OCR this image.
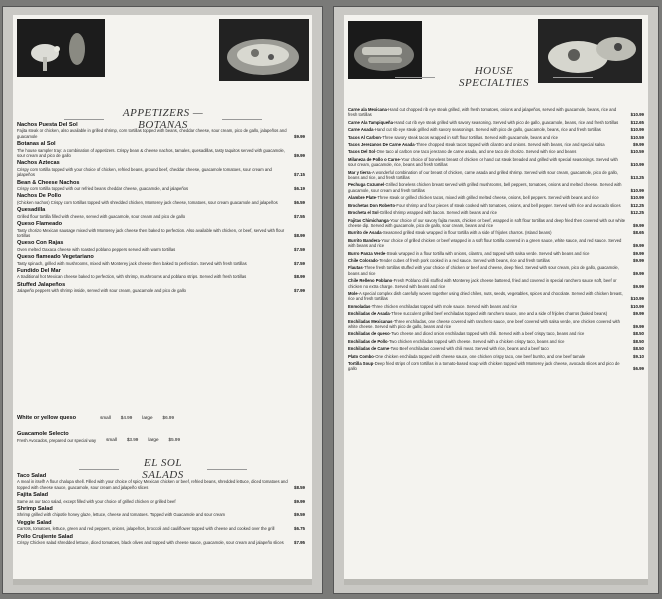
APPETIZERS — BOTANAS
Nachos Puesta Del Sol
Fajita steak or chicken, also available in grilled shrimp, corn tortillas topped with beans, cheddar cheese, sour cream, pico de gallo, jalapeños and guacamole	$9.99
Botanas al Sol
The house sampler tray: a combination of appetizers. Crispy bean & cheese nachos, tamales, quesadillas, tasty taquitos served with guacamole, sour cream and pico de gallo	$9.99
Nachos Aztecas
Crispy corn tortilla topped with your choice of chicken, refried beans, ground beef, cheddar cheese, guacamole tomatoes, sour cream and jalapeños	$7.15
Bean & Cheese Nachos
Crispy corn tortilla topped with our refried beans cheddar cheese, guacamole, and jalapeños	$6.19
Nachos De Pollo
(Chicken nachos) Crispy corn tortillas topped with shredded chicken, Monterey jack cheese, tomatoes, sour cream guacamole and jalapeños	$6.59
Quesadilla
Grilled flour tortilla filled with cheese, served with guacamole, sour cream and pico de gallo	$7.55
Queso Flameado
Tasty chorizo Mexican sausage mixed with Monterey jack cheese then baked to perfection. Also available with chicken, or beef, served with flour tortillas	$8.99
Queso Con Rajas
Oven melted Oaxaca cheese with roasted poblano peppers served with warm tortillas	$7.59
Queso flameado Vegetariano
Tasty spinach, grilled with mushrooms, mixed with Monterey jack cheese then baked to perfection. Served with fresh tortillas	$7.59
Fundido Del Mar
A traditional hot Mexican cheese baked to perfection, with shrimp, mushrooms and poblano strips. Served with fresh tortillas	$8.99
Stuffed Jalapeños
Jalapeño peppers with shrimp inside, served with sour cream, guacamole and pico de gallo	$7.99
White or yellow queso	small $4.99 large $6.99
Guacamole Selecto
Fresh Avocados, prepared our special way small $3.99 large $5.99
EL SOL SALADS
Taco Salad
A meal in itself! A flour chalupa shell. Filled with your choice of spicy Mexican chicken or beef, refried beans, shredded lettuce, diced tomatoes and topped with cheese sauce, guacamole, sour cream and jalapeño slices	$8.59
Fajita Salad
Same as our taco salad, except filled with your choice of grilled chicken or grilled beef	$9.99
Shrimp Salad
Shrimp grilled with chipotle honey glaze, lettuce, cheese and tomatoes. Topped with Guacamole and sour cream	$9.59
Veggie Salad
Carrots, tomatoes, lettuce, green and red peppers, onions, jalapeños, broccoli and cauliflower topped with cheese and cooked over the grill	$6.75
Pollo Crujiente Salad
Crispy Chicken salad shredded lettuce, diced tomatoes, black olives and topped with cheese sauce, guacamole, sour cream and jalapeño slices	$7.95
HOUSE SPECIALTIES
Carne ala Mexicana-Hand cut chopped rib eye steak grilled, with fresh tomatoes, onions and jalapeños, served with guacamole, beans, rice and fresh tortillas	$10.99
Carne Ala Tampiqueña-Hand cut rib eye steak grilled with savory seasoning. Served with pico de gallo, guacamole, beans, rice and fresh tortillas	$12.65
Carne Asada-Hand cut rib eye steak grilled with savory seasonings. Served with pico de gallo, guacamole, beans, rice and fresh tortillas	$10.99
Tacos Al Carbon-Three savory steak tacos wrapped in soft flour tortillas. Served with guacamole, beans and rice	$10.59
Tacos Jerezanos De Carne Asada-Three chopped steak tacos topped with cilantro and onions. Served with beans, rice and special salsa	$9.99
Tacos Del Sol-One taco al carbon one taco jerezano de carne asada, and one taco de chorizo. Served with rice and beans	$10.59
Milaneza de Pollo o Carne-Your choice of boneless breast of chicken or hand cut steak breaded and grilled with special seasonings. Served with sour cream, guacamole, rice, beans and fresh tortillas	$10.99
Mar y tierra-A wonderful combination of our breast of chicken, carne asada and grilled shrimp. Served with sour cream, guacamole, pico de gallo, beans and rice, and fresh tortillas	$13.25
Pechuga Cozumel-Grilled boneless chicken breast served with grilled mushrooms, bell peppers, tomatoes, onions and melted cheese. Served with guacamole, sour cream and fresh tortillas	$10.99
Alambre Plate-Three steak or grilled chicken tacos, mixed with grilled melted cheese, onions, bell peppers. Served with beans and rice	$10.99
Brochetas Don Roberto-Four shrimp and four pieces of steak cooked with tomatoes, onions, and bell pepper. Served with rice and avocado slices	$12.25
Brocheta el Sol-Grilled shrimp wrapped with bacon. Served with beans and rice	$12.25
Fajitas Chimichanga-Your choice of our savory fajita meats, chicken or beef, wrapped in soft flour tortillas and deep fried then covered with our white cheese dip. Served with guacamole, pico de gallo, sour cream, beans and rice	$9.99
Burrito de Asada-Seasoned grilled steak wrapped in flour tortilla with a side of frijoles charros. (Island beans)	$8.65
Burrito Bandera-Your choice of grilled chicken or beef wrapped in a soft flour tortilla covered in a green sauce, white sauce, and red sauce. Served with beans and rice	$9.99
Burro Panza Verde-Steak wrapped in a flour tortilla with onions, cilantro, and topped with salsa verde. Served with beans and rice	$9.99
Chile Colorado-Tender cubes of fresh pork cooked in a red sauce. Served with beans, rice and fresh tortillas	$9.99
Flautas-Three fresh tortillas stuffed with your choice of chicken or beef and cheese, deep fried. Served with sour cream, pico de gallo, guacamole, beans and rice	$9.99
Chile Relleno Poblano-Fresh Poblano chili stuffed with Monterey jack cheese battered, fried and covered in special ranchero sauce soft, beef or chicken no extra charge. Served with beans and rice	$9.99
Mole-A special complex dish carefully woven together using dried chiles, nuts, seeds, vegetables, spices and chocolate. Served with chicken breast, rice and fresh tortillas	$10.99
Enmoladas-Three chicken enchiladas topped with mole sauce. Served with beans and rice	$10.99
Enchiladas de Asada-Three succulent grilled beef enchiladas topped with ranchero sauce, one and a side of frijoles charros (baked beans)	$9.99
Enchiladas Mexicanas-Three enchiladas, one cheese covered with ranchero sauce, one beef covered with salsa verde, one chicken covered with white cheese. Served with pico de gallo, beans and rice	$9.99
Enchiladas de queso-Two cheese and diced onion enchiladas topped with chili. Served with a beef crispy taco, beans and rice	$8.50
Enchiladas de Pollo-Two chicken enchiladas topped with cheese. Served with a chicken crispy taco, beans and rice	$8.50
Enchiladas de Carne-Two Beef enchiladas covered with chili meat. Served with rice, beans and a beef taco	$8.50
Plato Combo-One chicken enchilada topped with cheese sauce, one chicken crispy taco, one beef burrito, and one beef tamale	$9.10
Tortilla Soup-Deep fried strips of corn tortillas in a tomato-based soup with chicken topped with Monterey jack cheese, avocado slices and pico de gallo	$6.99
